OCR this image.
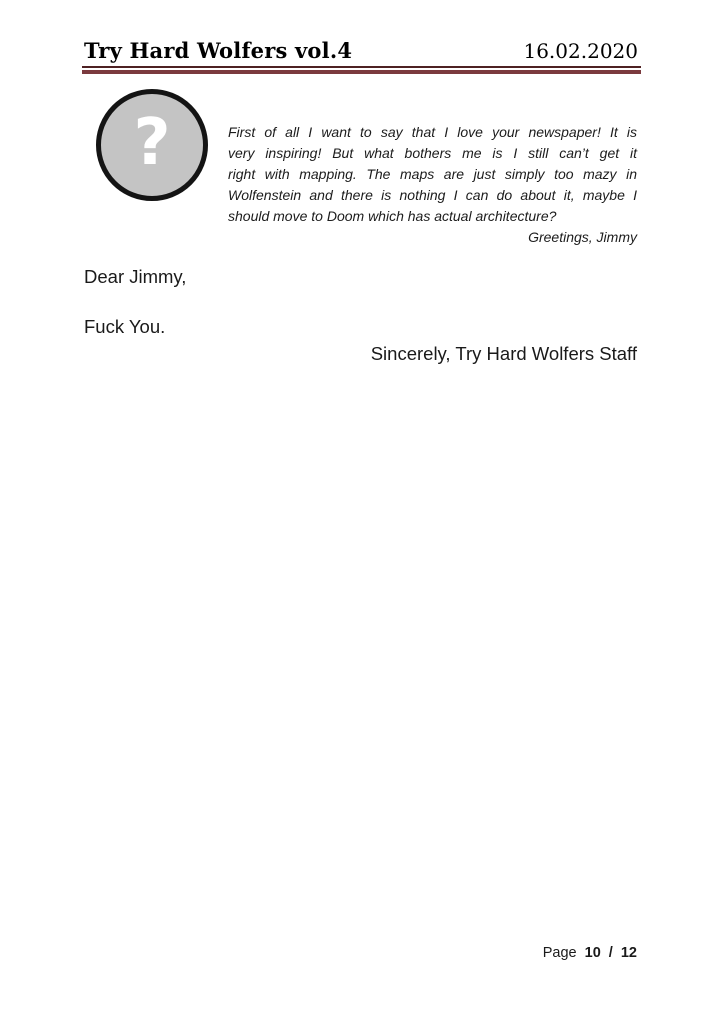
Try Hard Wolfers vol.4	16.02.2020
?	First of all I want to say that I love your newspaper! It is
very inspiring! But what bothers me is I still can’t get it
right with mapping. The maps are just simply too mazy in
Wolfenstein and there is nothing I can do about it, maybe I
should move to Doom which has actual architecture?
Greetings, Jimmy
Dear Jimmy,
Fuck You.
Sincerely, Try Hard Wolfers Staff
Page 10 / 12
